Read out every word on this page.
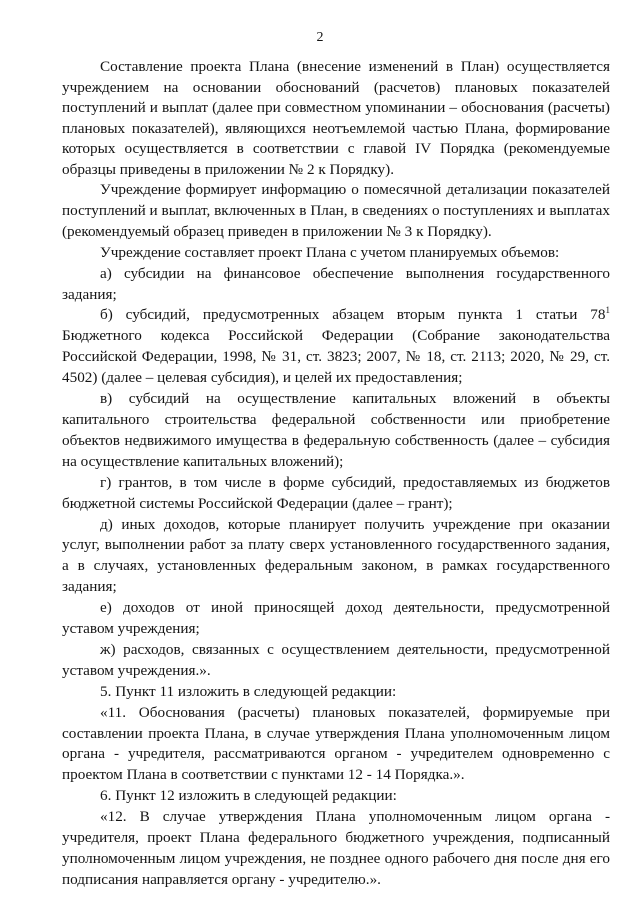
2

Составление проекта Плана (внесение изменений в План) осуществляется учреждением на основании обоснований (расчетов) плановых показателей поступлений и выплат (далее при совместном упоминании – обоснования (расчеты) плановых показателей), являющихся неотъемлемой частью Плана, формирование которых осуществляется в соответствии с главой IV Порядка (рекомендуемые образцы приведены в приложении № 2 к Порядку).

Учреждение формирует информацию о помесячной детализации показателей поступлений и выплат, включенных в План, в сведениях о поступлениях и выплатах (рекомендуемый образец приведен в приложении № 3 к Порядку).

Учреждение составляет проект Плана с учетом планируемых объемов:

а) субсидии на финансовое обеспечение выполнения государственного задания;

б) субсидий, предусмотренных абзацем вторым пункта 1 статьи $78^1$ Бюджетного кодекса Российской Федерации (Собрание законодательства Российской Федерации, 1998, № 31, ст. 3823; 2007, № 18, ст. 2113; 2020, № 29, ст. 4502) (далее – целевая субсидия), и целей их предоставления;

в) субсидий на осуществление капитальных вложений в объекты капитального строительства федеральной собственности или приобретение объектов недвижимого имущества в федеральную собственность (далее – субсидия на осуществление капитальных вложений);

г) грантов, в том числе в форме субсидий, предоставляемых из бюджетов бюджетной системы Российской Федерации (далее – грант);

д) иных доходов, которые планирует получить учреждение при оказании услуг, выполнении работ за плату сверх установленного государственного задания, а в случаях, установленных федеральным законом, в рамках государственного задания;

е) доходов от иной приносящей доход деятельности, предусмотренной уставом учреждения;

ж) расходов, связанных с осуществлением деятельности, предусмотренной уставом учреждения.».

5. Пункт 11 изложить в следующей редакции:

«11. Обоснования (расчеты) плановых показателей, формируемые при составлении проекта Плана, в случае утверждения Плана уполномоченным лицом органа - учредителя, рассматриваются органом - учредителем одновременно с проектом Плана в соответствии с пунктами 12 - 14 Порядка.».

6. Пункт 12 изложить в следующей редакции:

«12. В случае утверждения Плана уполномоченным лицом органа - учредителя, проект Плана федерального бюджетного учреждения, подписанный уполномоченным лицом учреждения, не позднее одного рабочего дня после дня его подписания направляется органу - учредителю.».
